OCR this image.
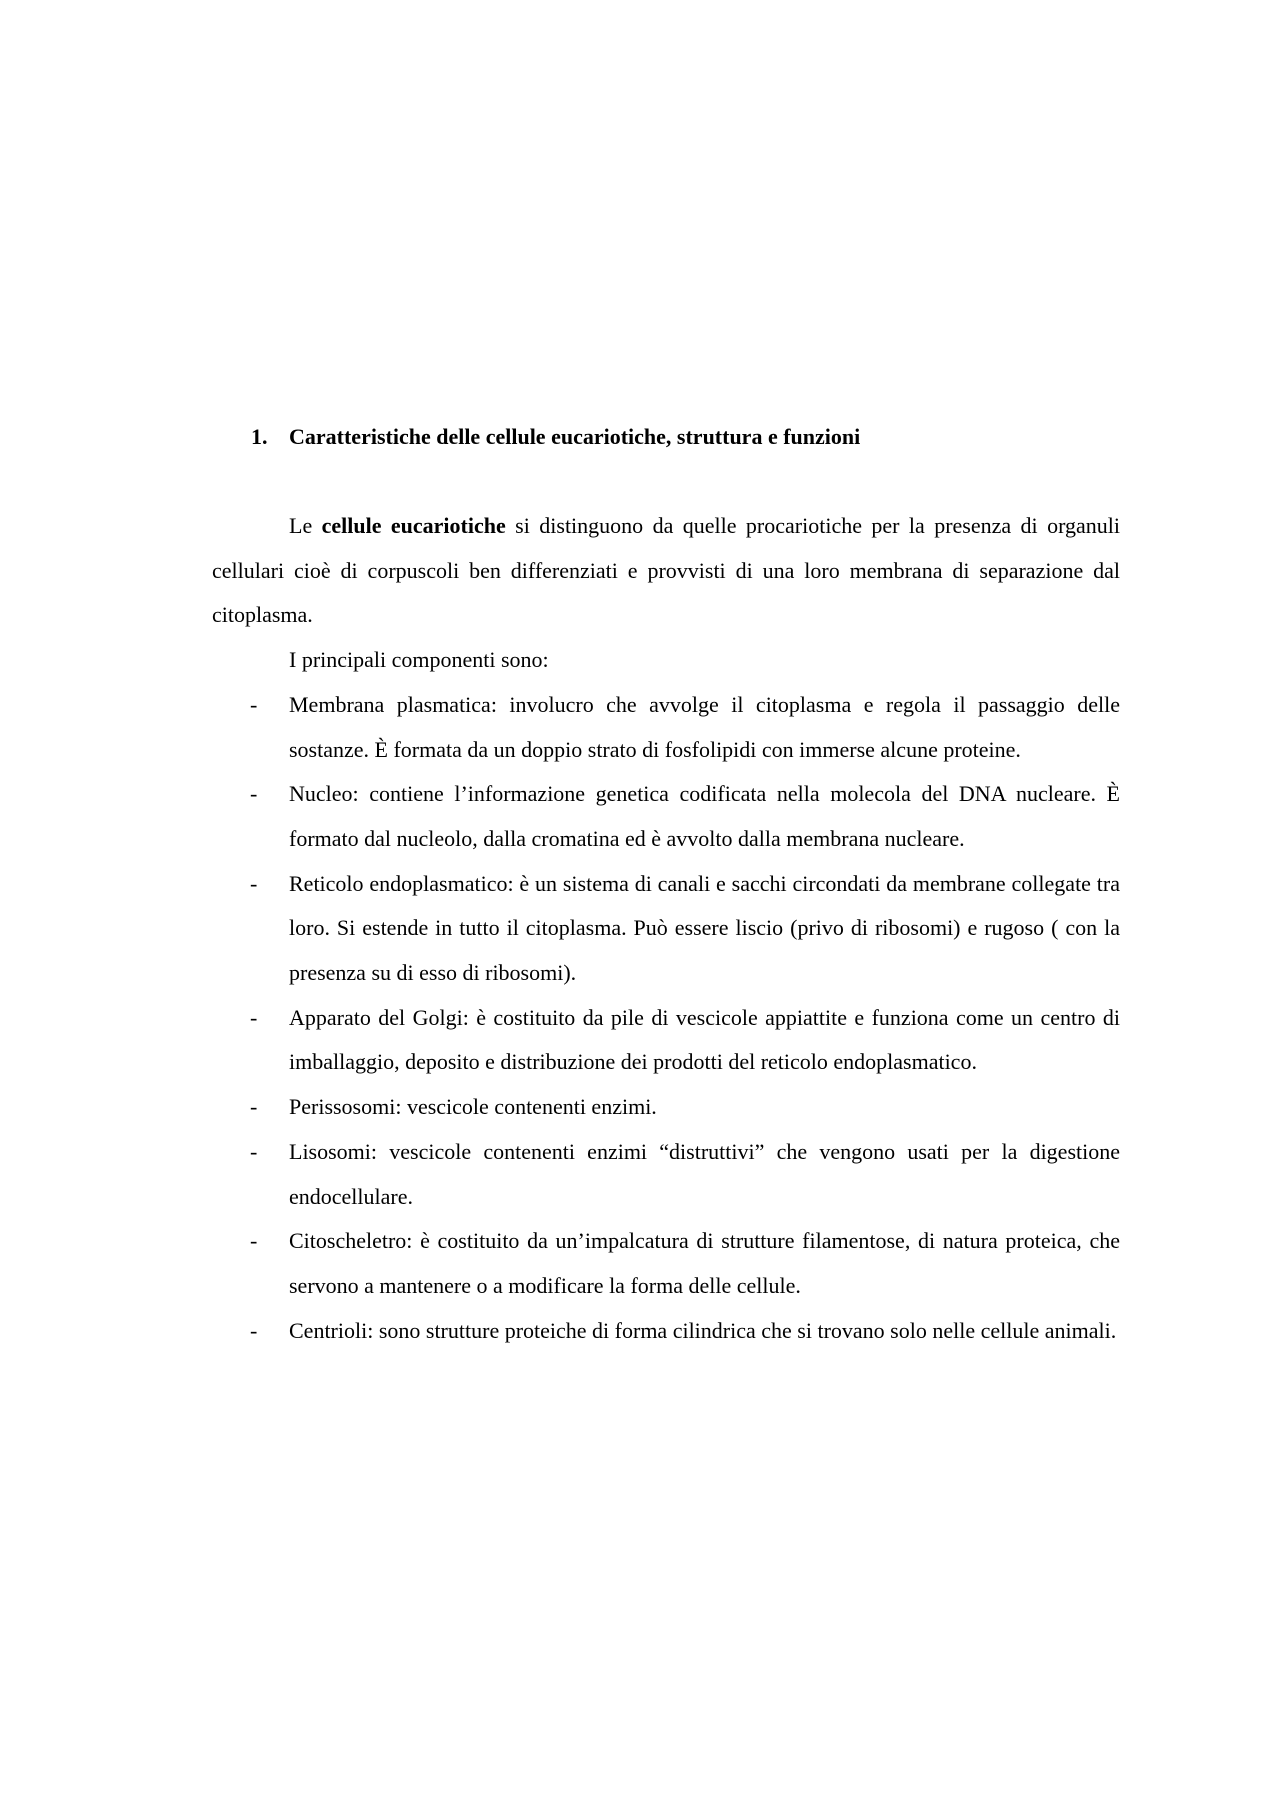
1. Caratteristiche delle cellule eucariotiche, struttura e funzioni

Le cellule eucariotiche si distinguono da quelle procariotiche per la presenza di organuli cellulari cioè di corpuscoli ben differenziati e provvisti di una loro membrana di separazione dal citoplasma.

I principali componenti sono:

- Membrana plasmatica: involucro che avvolge il citoplasma e regola il passaggio delle sostanze. È formata da un doppio strato di fosfolipidi con immerse alcune proteine.
- Nucleo: contiene l’informazione genetica codificata nella molecola del DNA nucleare. È formato dal nucleolo, dalla cromatina ed è avvolto dalla membrana nucleare.
- Reticolo endoplasmatico: è un sistema di canali e sacchi circondati da membrane collegate tra loro. Si estende in tutto il citoplasma. Può essere liscio (privo di ribosomi) e rugoso ( con la presenza su di esso di ribosomi).
- Apparato del Golgi: è costituito da pile di vescicole appiattite e funziona come un centro di imballaggio, deposito e distribuzione dei prodotti del reticolo endoplasmatico.
- Perissosomi: vescicole contenenti enzimi.
- Lisosomi: vescicole contenenti enzimi “distruttivi” che vengono usati per la digestione endocellulare.
- Citoscheletro: è costituito da un’impalcatura di strutture filamentose, di natura proteica, che servono a mantenere o a modificare la forma delle cellule.
- Centrioli: sono strutture proteiche di forma cilindrica che si trovano solo nelle cellule animali.
